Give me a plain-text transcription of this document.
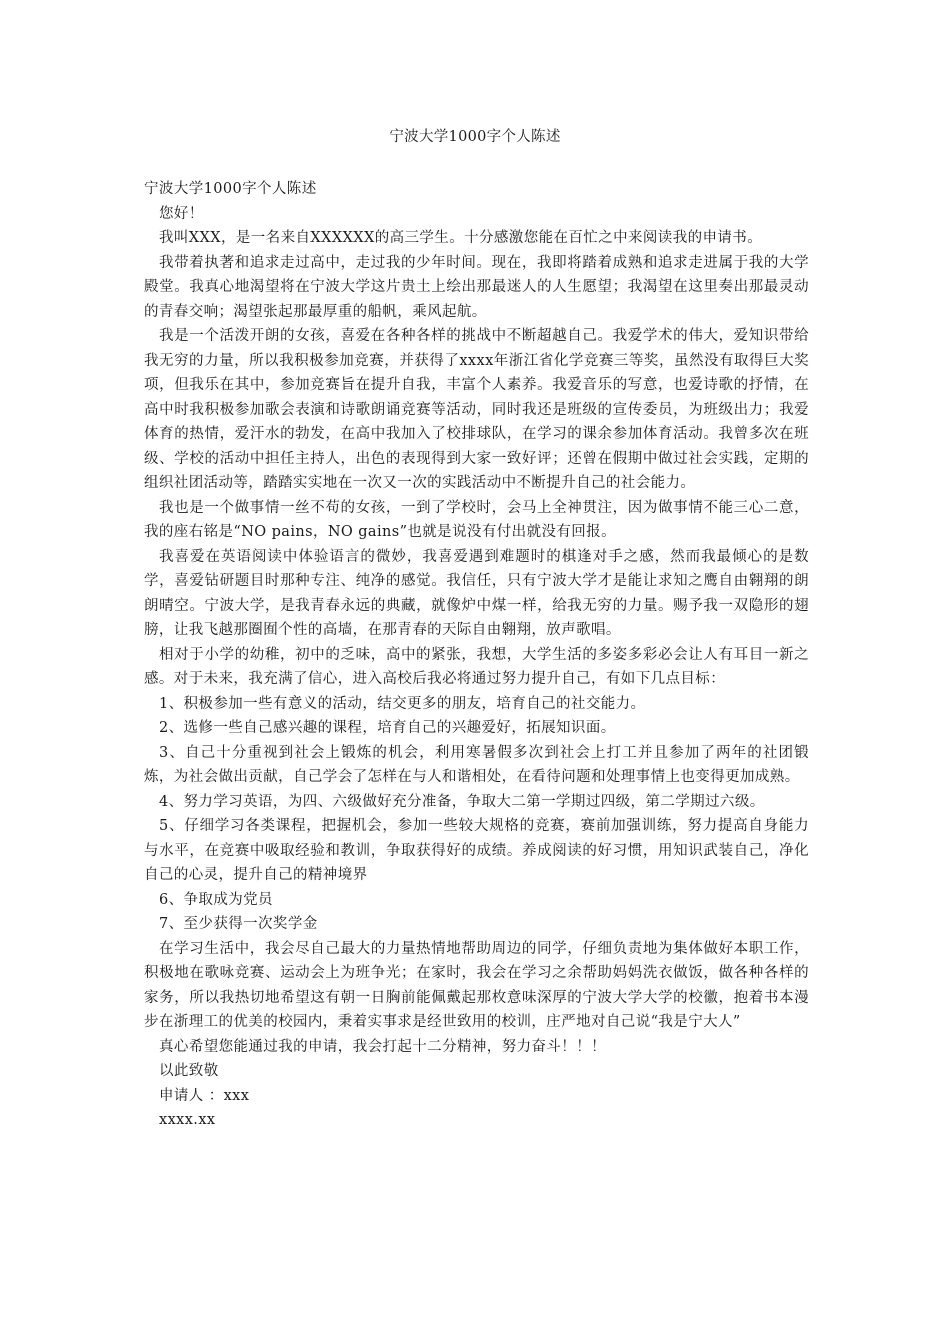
宁波大学1000字个人陈述

宁波大学1000字个人陈述

您好！

我叫XXX，是一名来自XXXXXX的高三学生。十分感激您能在百忙之中来阅读我的申请书。

我带着执著和追求走过高中，走过我的少年时间。现在，我即将踏着成熟和追求走进属于我的大学殿堂。我真心地渴望将在宁波大学这片贵土上绘出那最迷人的人生愿望；我渴望在这里奏出那最灵动的青春交响；渴望张起那最厚重的船帆，乘风起航。

我是一个活泼开朗的女孩，喜爱在各种各样的挑战中不断超越自己。我爱学术的伟大，爱知识带给我无穷的力量，所以我积极参加竞赛，并获得了xxxx年浙江省化学竞赛三等奖，虽然没有取得巨大奖项，但我乐在其中，参加竞赛旨在提升自我，丰富个人素养。我爱音乐的写意，也爱诗歌的抒情，在高中时我积极参加歌会表演和诗歌朗诵竞赛等活动，同时我还是班级的宣传委员，为班级出力；我爱体育的热情，爱汗水的勃发，在高中我加入了校排球队，在学习的课余参加体育活动。我曾多次在班级、学校的活动中担任主持人，出色的表现得到大家一致好评；还曾在假期中做过社会实践，定期的组织社团活动等，踏踏实实地在一次又一次的实践活动中不断提升自己的社会能力。

我也是一个做事情一丝不苟的女孩，一到了学校时，会马上全神贯注，因为做事情不能三心二意，我的座右铭是“NO pains，NO gains”也就是说没有付出就没有回报。

我喜爱在英语阅读中体验语言的微妙，我喜爱遇到难题时的棋逢对手之感，然而我最倾心的是数学，喜爱钻研题目时那种专注、纯净的感觉。我信任，只有宁波大学才是能让求知之鹰自由翱翔的朗朗晴空。宁波大学，是我青春永远的典藏，就像炉中煤一样，给我无穷的力量。赐予我一双隐形的翅膀，让我飞越那圈囿个性的高墙，在那青春的天际自由翱翔，放声歌唱。

相对于小学的幼稚，初中的乏味，高中的紧张，我想，大学生活的多姿多彩必会让人有耳目一新之感。对于未来，我充满了信心，进入高校后我必将通过努力提升自己，有如下几点目标：

1、积极参加一些有意义的活动，结交更多的朋友，培育自己的社交能力。

2、选修一些自己感兴趣的课程，培育自己的兴趣爱好，拓展知识面。

3、自己十分重视到社会上锻炼的机会，利用寒暑假多次到社会上打工并且参加了两年的社团锻炼，为社会做出贡献，自己学会了怎样在与人和谐相处，在看待问题和处理事情上也变得更加成熟。

4、努力学习英语，为四、六级做好充分准备，争取大二第一学期过四级，第二学期过六级。

5、仔细学习各类课程，把握机会，参加一些较大规格的竞赛，赛前加强训练，努力提高自身能力与水平，在竞赛中吸取经验和教训，争取获得好的成绩。养成阅读的好习惯，用知识武装自己，净化自己的心灵，提升自己的精神境界

6、争取成为党员

7、至少获得一次奖学金

在学习生活中，我会尽自己最大的力量热情地帮助周边的同学，仔细负责地为集体做好本职工作，积极地在歌咏竞赛、运动会上为班争光；在家时，我会在学习之余帮助妈妈洗衣做饭，做各种各样的家务，所以我热切地希望这有朝一日胸前能佩戴起那枚意味深厚的宁波大学大学的校徽，抱着书本漫步在浙理工的优美的校园内，秉着实事求是经世致用的校训，庄严地对自己说“我是宁大人”

真心希望您能通过我的申请，我会打起十二分精神，努力奋斗！！！

以此致敬

申请人 ：xxx

xxxx.xx
